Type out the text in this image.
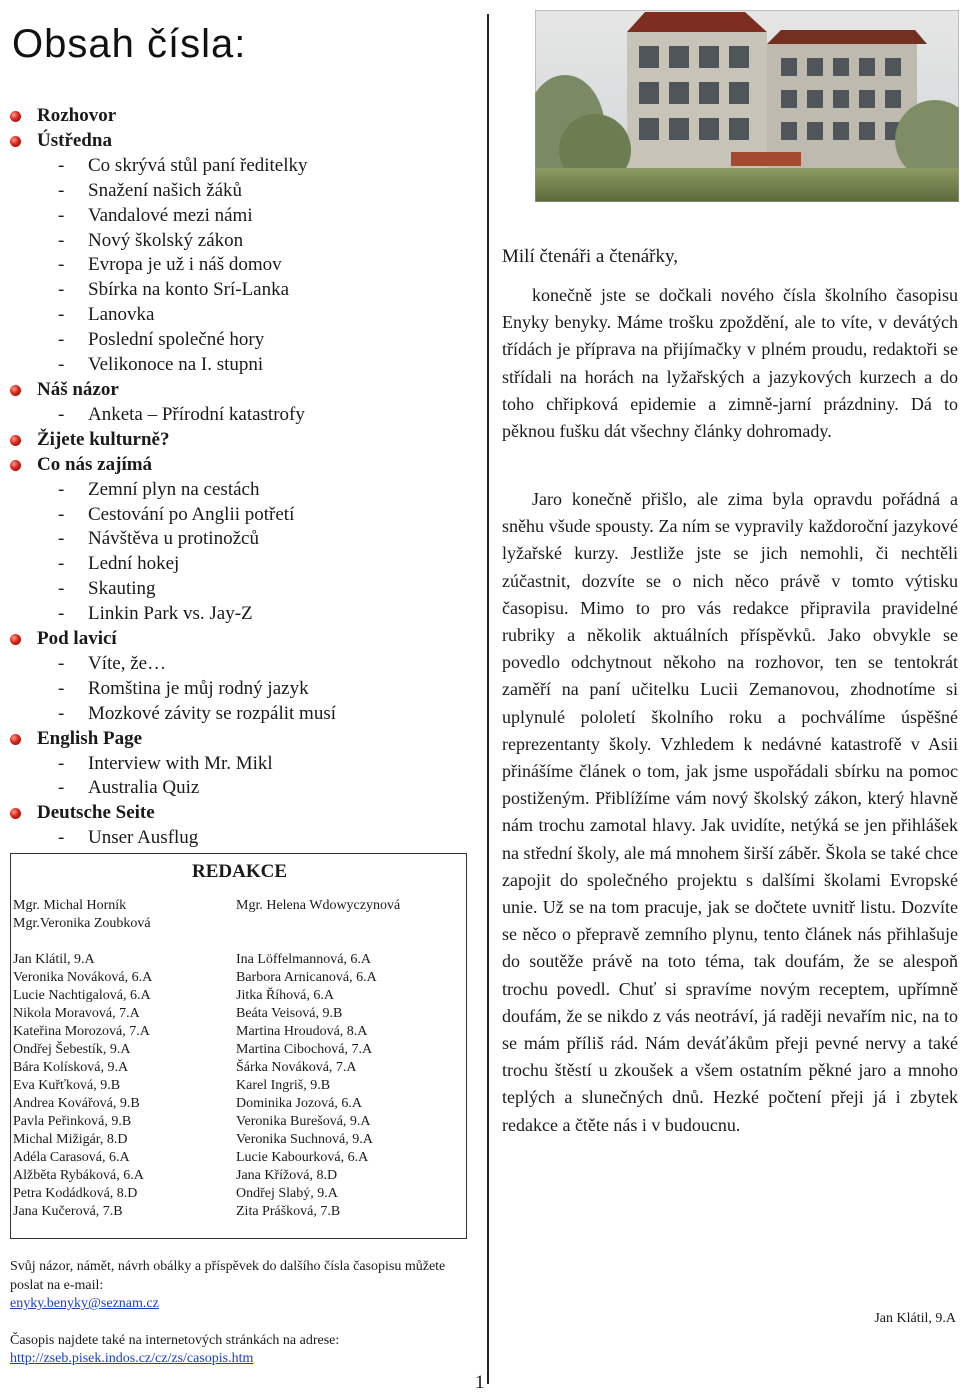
Obsah čísla:
Rozhovor
Ústředna
- Co skrývá stůl paní ředitelky
- Snažení našich žáků
- Vandalové mezi námi
- Nový školský zákon
- Evropa je už i náš domov
- Sbírka na konto Srí-Lanka
- Lanovka
- Poslední společné hory
- Velikonoce na I. stupni
Náš názor
- Anketa – Přírodní katastrofy
Žijete kulturně?
Co nás zajímá
- Zemní plyn na cestách
- Cestování po Anglii potřetí
- Návštěva u protinožců
- Lední hokej
- Skauting
- Linkin Park vs. Jay-Z
Pod lavicí
- Víte, že…
- Romština je můj rodný jazyk
- Mozkové závity se rozpálit musí
English Page
- Interview with Mr. Mikl
- Australia Quiz
Deutsche Seite
- Unser Ausflug
REDAKCE
Mgr. Michal Horník
Mgr.Veronika Zoubková
Jan Klátil, 9.A
Veronika Nováková, 6.A
Lucie Nachtigalová, 6.A
Nikola Moravová, 7.A
Kateřina Morozová, 7.A
Ondřej Šebestík, 9.A
Bára Kolísková, 9.A
Eva Kuřťková, 9.B
Andrea Kovářová, 9.B
Pavla Peřinková, 9.B
Michal Mižigár, 8.D
Adéla Carasová, 6.A
Alžběta Rybáková, 6.A
Petra Kodádková, 8.D
Jana Kučerová, 7.B
Mgr. Helena Wdowyczynová
Ina Löffelmannová, 6.A
Barbora Arnicanová, 6.A
Jitka Říhová, 6.A
Beáta Veisová, 9.B
Martina Hroudová, 8.A
Martina Cibochová, 7.A
Šárka Nováková, 7.A
Karel Ingriš, 9.B
Dominika Jozová, 6.A
Veronika Burešová, 9.A
Veronika Suchnová, 9.A
Lucie Kabourková, 6.A
Jana Křížová, 8.D
Ondřej Slabý, 9.A
Zita Prášková, 7.B
Svůj názor, námět, návrh obálky a příspěvek do dalšího čísla časopisu můžete poslat na e-mail:
enyky.benyky@seznam.cz
Časopis najdete také na internetových stránkách na adrese:
http://zseb.pisek.indos.cz/cz/zs/casopis.htm
1
Milí čtenáři a čtenářky,

konečně jste se dočkali nového čísla školního časopisu Enyky benyky. Máme trošku zpoždění, ale to víte, v devátých třídách je příprava na přijímačky v plném proudu, redaktoři se střídali na horách na lyžařských a jazykových kurzech a do toho chřipková epidemie a zimně-jarní prázdniny. Dá to pěknou fušku dát všechny články dohromady.

Jaro konečně přišlo, ale zima byla opravdu pořádná a sněhu všude spousty. Za ním se vypravily každoroční jazykové lyžařské kurzy. Jestliže jste se jich nemohli, či nechtěli zúčastnit, dozvíte se o nich něco právě v tomto výtisku časopisu. Mimo to pro vás redakce připravila pravidelné rubriky a několik aktuálních příspěvků. Jako obvykle se povedlo odchytnout někoho na rozhovor, ten se tentokrát zaměří na paní učitelku Lucii Zemanovou, zhodnotíme si uplynulé pololetí školního roku a pochválíme úspěšné reprezentanty školy. Vzhledem k nedávné katastrofě v Asii přinášíme článek o tom, jak jsme uspořádali sbírku na pomoc postiženým. Přiblížíme vám nový školský zákon, který hlavně nám trochu zamotal hlavy. Jak uvidíte, netýká se jen přihlášek na střední školy, ale má mnohem širší záběr. Škola se také chce zapojit do společného projektu s dalšími školami Evropské unie. Už se na tom pracuje, jak se dočtete uvnitř listu. Dozvíte se něco o přepravě zemního plynu, tento článek nás přihlašuje do soutěže právě na toto téma, tak doufám, že se alespoň trochu povedl. Chuť si spravíme novým receptem, upřímně doufám, že se nikdo z vás neotráví, já raději nevařím nic, na to se mám příliš rád. Nám deváťákům přeji pevné nervy a také trochu štěstí u zkoušek a všem ostatním pěkné jaro a mnoho teplých a slunečných dnů. Hezké počtení přeji já i zbytek redakce a čtěte nás i v budoucnu.

Jan Klátil, 9.A
